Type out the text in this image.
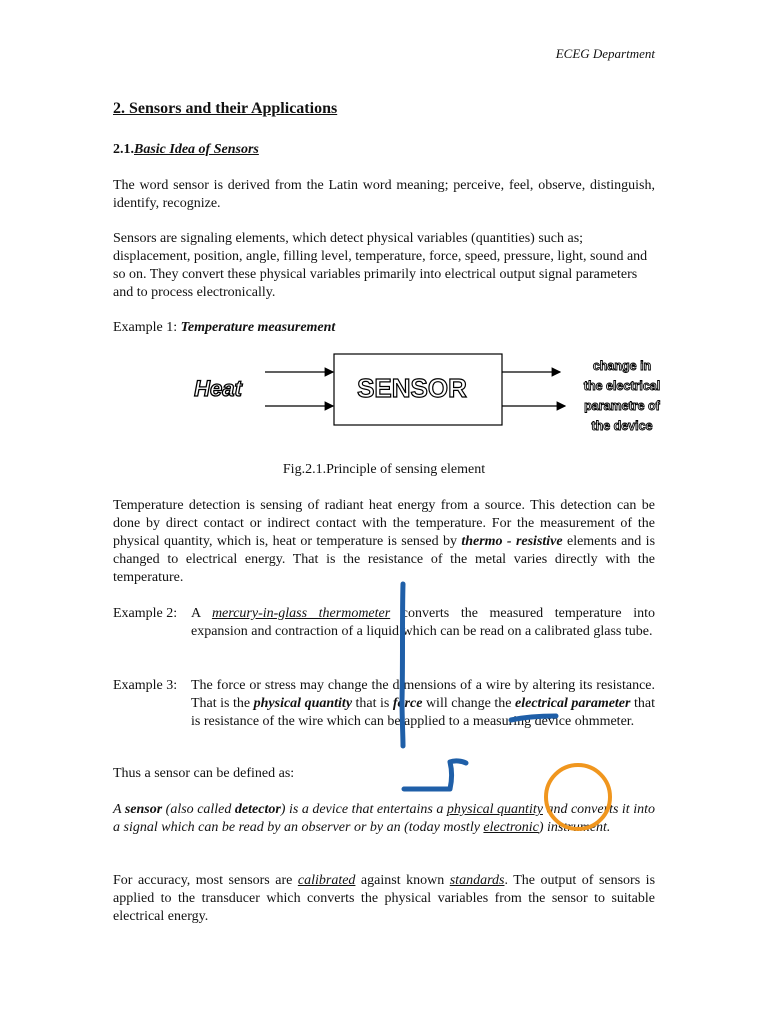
ECEG Department
2. Sensors and their Applications
2.1.Basic Idea of Sensors
The word sensor is derived from the Latin word meaning; perceive, feel, observe, distinguish, identify, recognize.
Sensors are signaling elements, which detect physical variables (quantities) such as; displacement, position, angle, filling level, temperature, force, speed, pressure, light, sound and so on. They convert these physical variables primarily into electrical output signal parameters and to process electronically.
Example 1: Temperature measurement
Heat	SENSOR
change in
the electrical
parametre of
the device
Fig.2.1.Principle of sensing element
Temperature detection is sensing of radiant heat energy from a source. This detection can be done by direct contact or indirect contact with the temperature. For the measurement of the physical quantity, which is, heat or temperature is sensed by thermo - resistive elements and is changed to electrical energy. That is the resistance of the metal varies directly with the temperature.
Example 2: A mercury-in-glass thermometer converts the measured temperature into expansion and contraction of a liquid which can be read on a calibrated glass tube.
Example 3: The force or stress may change the dimensions of a wire by altering its resistance. That is the physical quantity that is force will change the electrical parameter that is resistance of the wire which can be applied to a measuring device ohmmeter.
Thus a sensor can be defined as:
A sensor (also called detector) is a device that entertains a physical quantity and converts it into a signal which can be read by an observer or by an (today mostly electronic) instrument.
For accuracy, most sensors are calibrated against known standards. The output of sensors is applied to the transducer which converts the physical variables from the sensor to suitable electrical energy.
